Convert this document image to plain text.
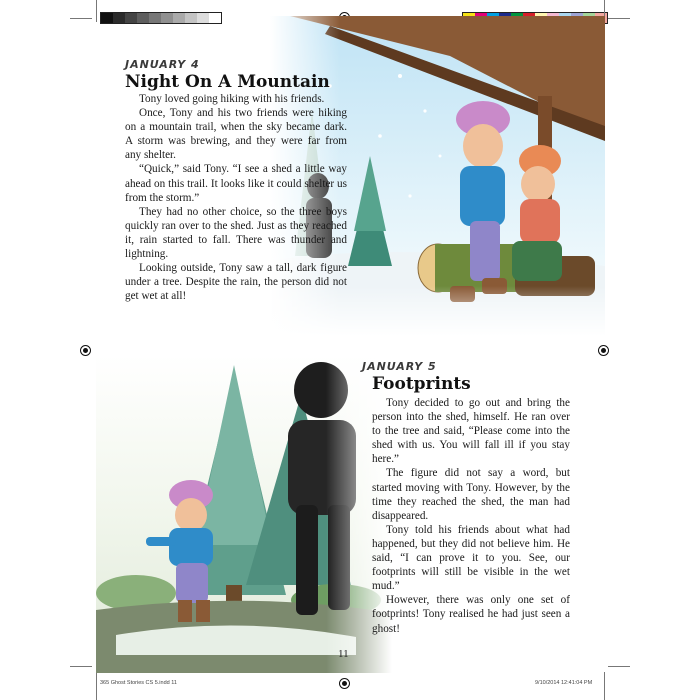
JANUARY 4
Night On A Mountain

Tony loved going hiking with his friends.

Once, Tony and his two friends were hiking on a mountain trail, when the sky became dark. A storm was brewing, and they were far from any shelter.

“Quick,” said Tony. “I see a shed a little way ahead on this trail. It looks like it could shelter us from the storm.”

They had no other choice, so the three boys quickly ran over to the shed. Just as they reached it, rain started to fall. There was thunder and lightning.

Looking outside, Tony saw a tall, dark figure under a tree. Despite the rain, the person did not get wet at all!

JANUARY 5
Footprints

Tony decided to go out and bring the person into the shed, himself. He ran over to the tree and said, “Please come into the shed with us. You will fall ill if you stay here.”

The figure did not say a word, but started moving with Tony. However, by the time they reached the shed, the man had disappeared.

Tony told his friends about what had happened, but they did not believe him. He said, “I can prove it to you. See, our footprints will still be visible in the wet mud.”

However, there was only one set of footprints! Tony realised he had just seen a ghost!

11
365 Ghost Stories CS 5.indd 11	9/10/2014 12:41:04 PM
